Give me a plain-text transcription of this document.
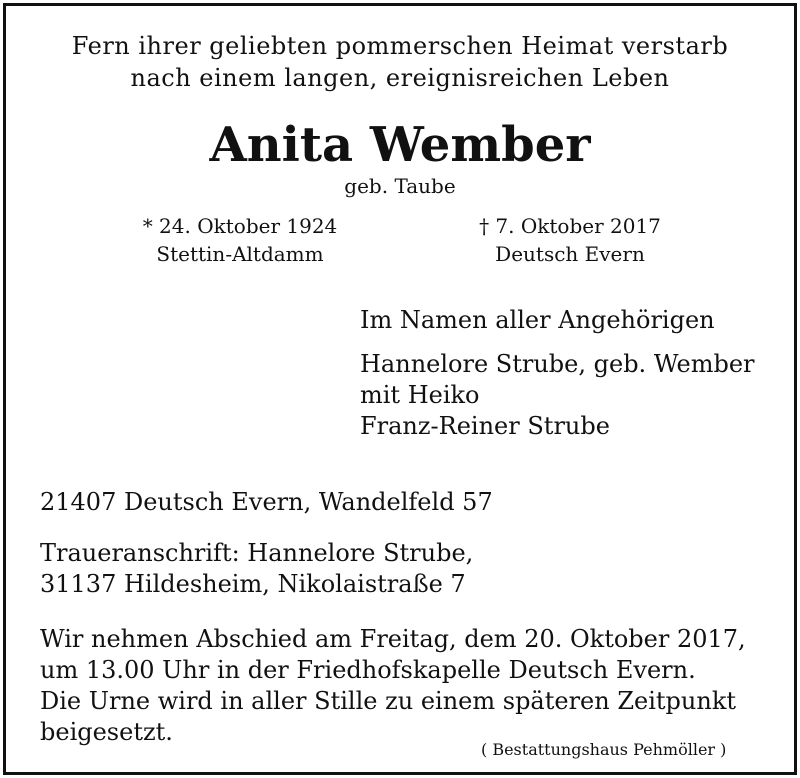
Fern ihrer geliebten pommerschen Heimat verstarb
nach einem langen, ereignisreichen Leben
Anita Wember
geb. Taube
* 24. Oktober 1924
Stettin-Altdamm
† 7. Oktober 2017
Deutsch Evern
Im Namen aller Angehörigen
Hannelore Strube, geb. Wember
mit Heiko
Franz-Reiner Strube
21407 Deutsch Evern, Wandelfeld 57
Traueranschrift: Hannelore Strube,
31137 Hildesheim, Nikolaistraße 7
Wir nehmen Abschied am Freitag, dem 20. Oktober 2017,
um 13.00 Uhr in der Friedhofskapelle Deutsch Evern.
Die Urne wird in aller Stille zu einem späteren Zeitpunkt
beigesetzt.
( Bestattungshaus Pehmöller )
